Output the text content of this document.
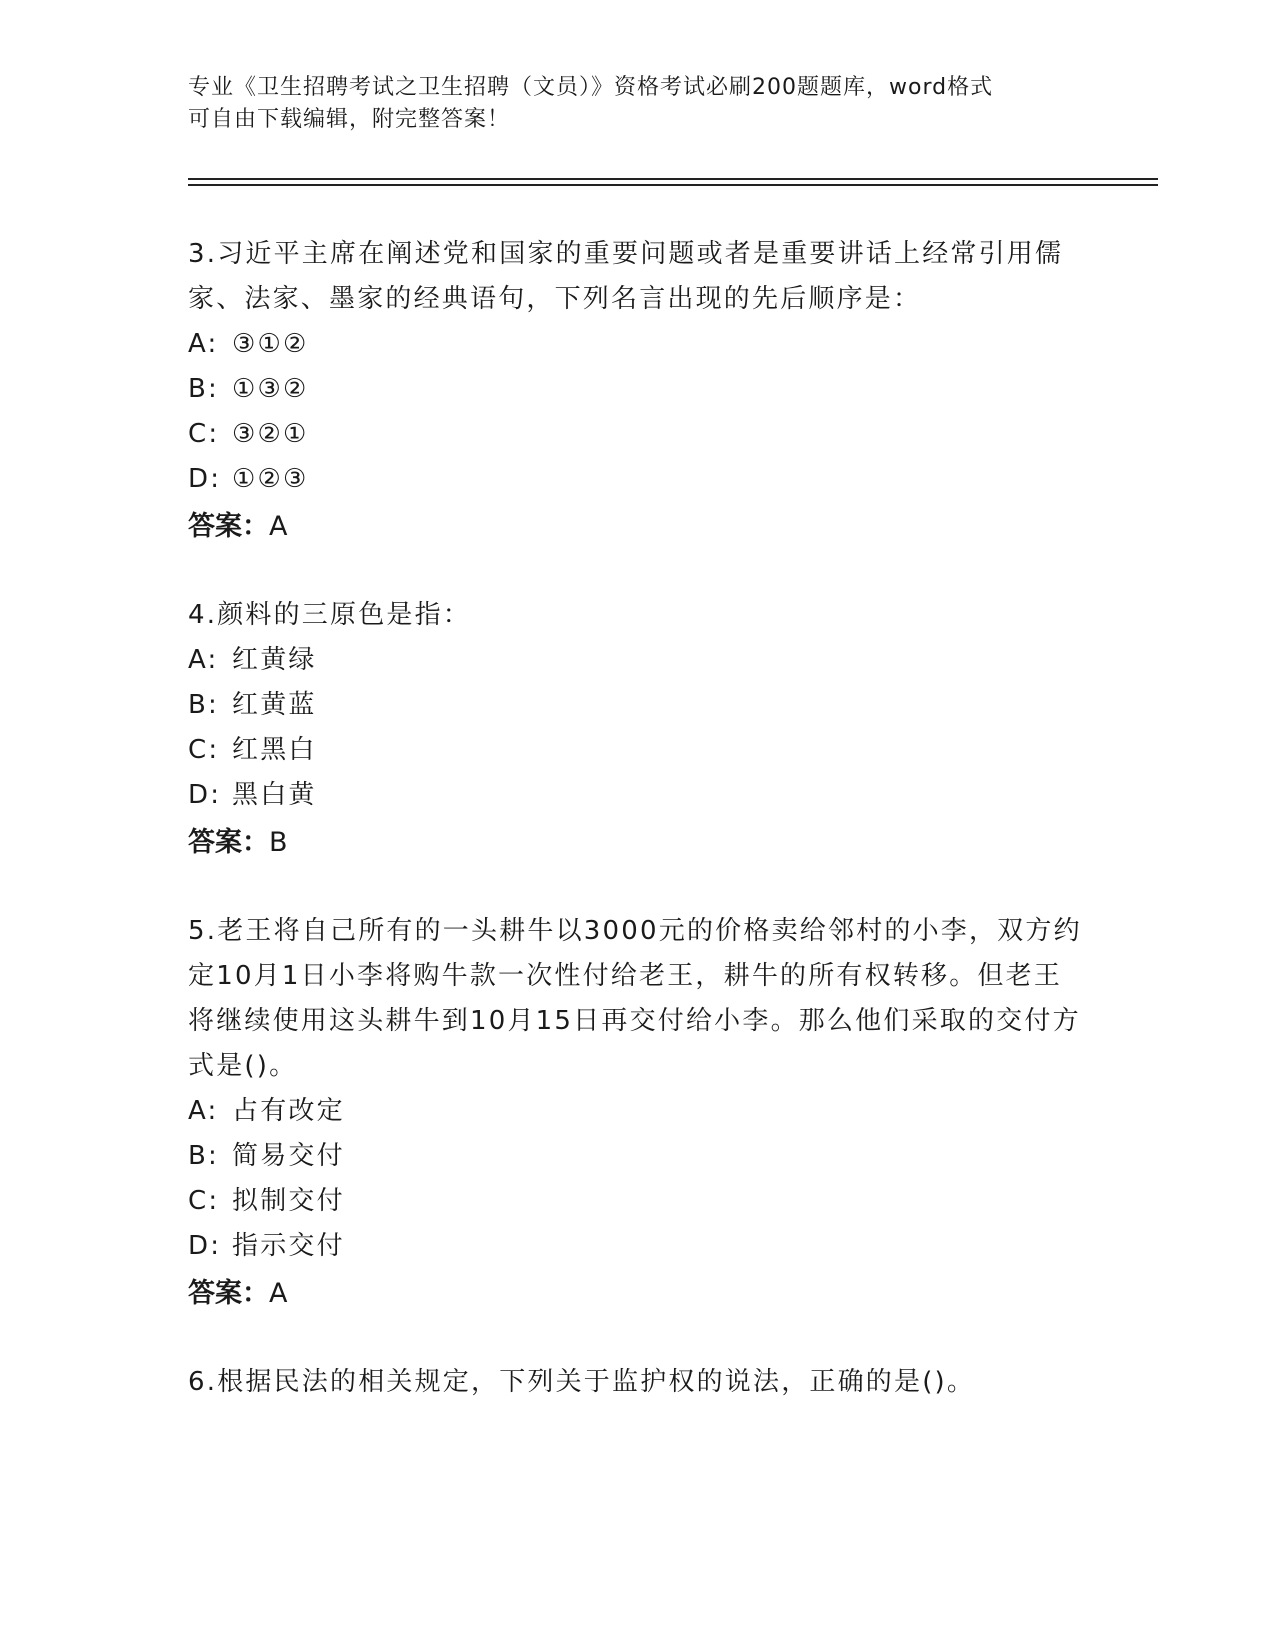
专业《卫生招聘考试之卫生招聘（文员）》资格考试必刷200题题库，word格式
可自由下载编辑，附完整答案！

3.习近平主席在阐述党和国家的重要问题或者是重要讲话上经常引用儒家、法家、墨家的经典语句，下列名言出现的先后顺序是：

A: ③①②
B: ①③②
C: ③②①
D: ①②③
答案：A

4.颜料的三原色是指：

A: 红黄绿
B: 红黄蓝
C: 红黑白
D: 黑白黄
答案：B

5.老王将自己所有的一头耕牛以3000元的价格卖给邻村的小李，双方约定10月1日小李将购牛款一次性付给老王，耕牛的所有权转移。但老王将继续使用这头耕牛到10月15日再交付给小李。那么他们采取的交付方式是()。

A: 占有改定
B: 简易交付
C: 拟制交付
D: 指示交付
答案：A

6.根据民法的相关规定，下列关于监护权的说法，正确的是()。
